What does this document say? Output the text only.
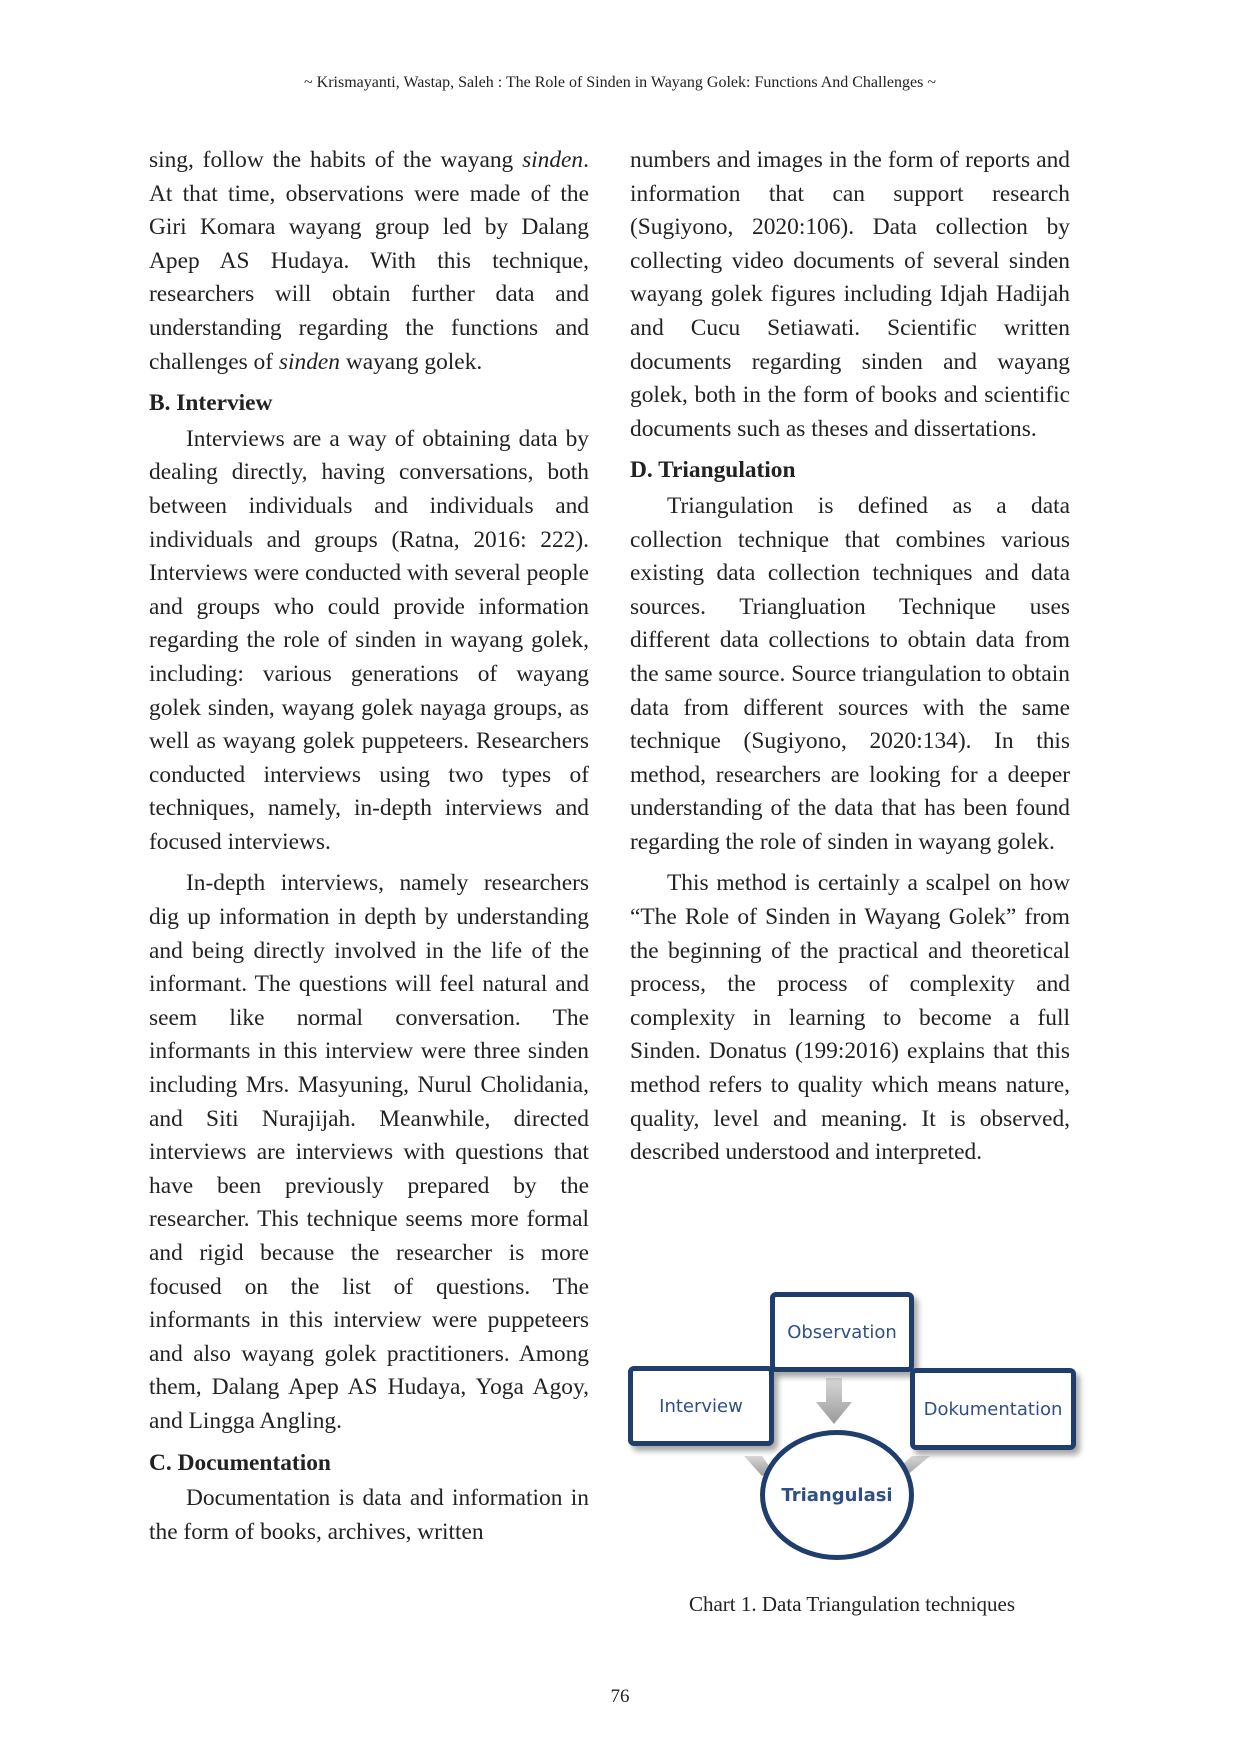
~ Krismayanti, Wastap, Saleh : The Role of Sinden in Wayang Golek: Functions And Challenges ~

sing, follow the habits of the wayang sinden. At that time, observations were made of the Giri Komara wayang group led by Dalang Apep AS Hudaya. With this technique, researchers will obtain further data and understanding regarding the functions and challenges of sinden wayang golek.

B. Interview

Interviews are a way of obtaining data by dealing directly, having conversations, both between individuals and individuals and individuals and groups (Ratna, 2016: 222). Interviews were conducted with several people and groups who could provide information regarding the role of sinden in wayang golek, including: various generations of wayang golek sinden, wayang golek nayaga groups, as well as wayang golek puppeteers. Researchers conducted interviews using two types of techniques, namely, in-depth interviews and focused interviews.

In-depth interviews, namely researchers dig up information in depth by understanding and being directly involved in the life of the informant. The questions will feel natural and seem like normal conversation. The informants in this interview were three sinden including Mrs. Masyuning, Nurul Cholidania, and Siti Nurajijah. Meanwhile, directed interviews are interviews with questions that have been previously prepared by the researcher. This technique seems more formal and rigid because the researcher is more focused on the list of questions. The informants in this interview were puppeteers and also wayang golek practitioners. Among them, Dalang Apep AS Hudaya, Yoga Agoy, and Lingga Angling.

C. Documentation

Documentation is data and information in the form of books, archives, written

numbers and images in the form of reports and information that can support research (Sugiyono, 2020:106). Data collection by collecting video documents of several sinden wayang golek figures including Idjah Hadijah and Cucu Setiawati. Scientific written documents regarding sinden and wayang golek, both in the form of books and scientific documents such as theses and dissertations.

D. Triangulation

Triangulation is defined as a data collection technique that combines various existing data collection techniques and data sources. Triangluation Technique uses different data collections to obtain data from the same source. Source triangulation to obtain data from different sources with the same technique (Sugiyono, 2020:134). In this method, researchers are looking for a deeper understanding of the data that has been found regarding the role of sinden in wayang golek.

This method is certainly a scalpel on how “The Role of Sinden in Wayang Golek” from the beginning of the practical and theoretical process, the process of complexity and complexity in learning to become a full Sinden. Donatus (199:2016) explains that this method refers to quality which means nature, quality, level and meaning. It is observed, described understood and interpreted.

Observation
Interview	Dokumentation
Triangulasi
Chart 1. Data Triangulation techniques
76
